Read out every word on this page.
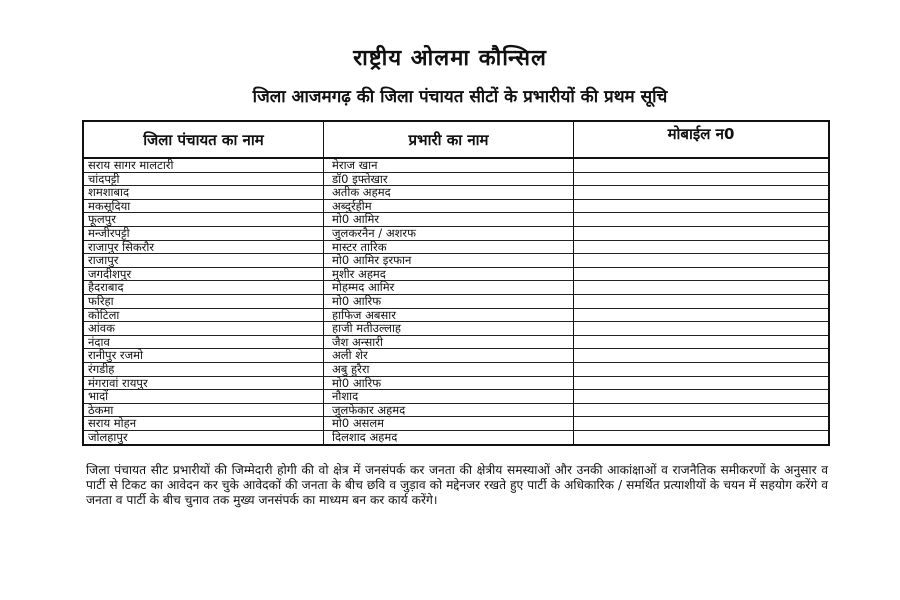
राष्ट्रीय ओलमा कौन्सिल
जिला आजमगढ़ की जिला पंचायत सीटों के प्रभारीयों की प्रथम सूचि
जिला पंचायत का नाम	प्रभारी का नाम	मोबाईल न0
सराय सागर मालटारी	मेराज खान
चांदपट्टी	डॉ0 इफ्तेखार
शमशाबाद	अतीक अहमद
मकसूदिया	अब्दुर्रहीम
फूलपुर	मो0 आमिर
मन्जीरपट्टी	जुलकरनैन / अशरफ
राजापुर सिकरौर	मास्टर तारिक
राजापुर	मो0 आमिर इरफान
जगदीशपुर	मुशीर अहमद
हैदराबाद	मोहम्मद आमिर
फरिहा	मो0 आरिफ
कोटिला	हाफिज अबसार
आंवक	हाजी मतीउल्लाह
नंदाव	जैश अन्सारी
रानीपुर रजमो	अली शेर
रंगडीह	अबु हुरैरा
मंगरावां रायपुर	मो0 आरिफ
भादों	नौशाद
ठेकमा	जुलफेकार अहमद
सराय मोहन	मो0 असलम
जोलहापुर	दिलशाद अहमद
जिला पंचायत सीट प्रभारीयों की जिम्मेदारी होगी की वो क्षेत्र में जनसंपर्क कर जनता की क्षेत्रीय समस्याओं और उनकी आकांक्षाओं व राजनैतिक समीकरणों के अनुसार व पार्टी से टिकट का आवेदन कर चुके आवेदकों की जनता के बीच छवि व जुड़ाव को मद्देनजर रखते हुए पार्टी के अधिकारिक / समर्थित प्रत्याशीयों के चयन में सहयोग करेंगे व जनता व पार्टी के बीच चुनाव तक मुख्य जनसंपर्क का माध्यम बन कर कार्य करेंगे।
